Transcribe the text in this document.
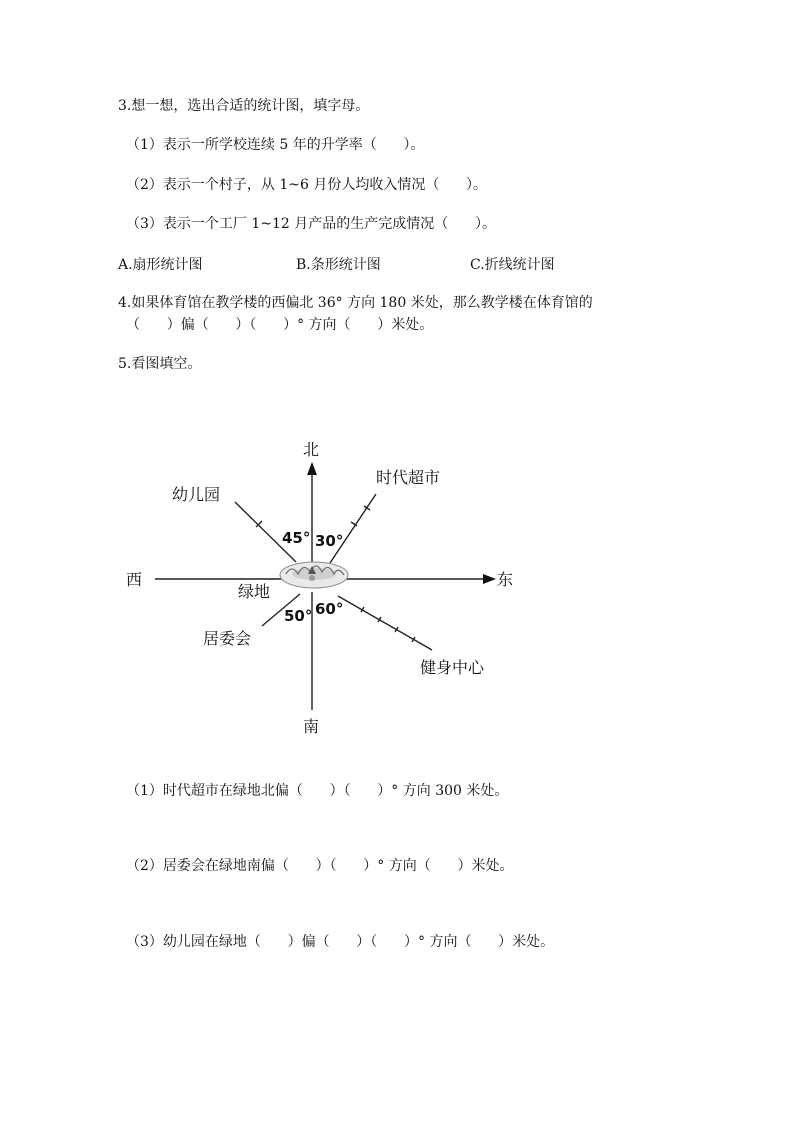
3.想一想，选出合适的统计图，填字母。
（1）表示一所学校连续 5 年的升学率（      ）。
（2）表示一个村子，从 1~6 月份人均收入情况（      ）。
（3）表示一个工厂 1~12 月产品的生产完成情况（      ）。
A.扇形统计图	B.条形统计图	C.折线统计图
4.如果体育馆在教学楼的西偏北 36° 方向 180 米处，那么教学楼在体育馆的
（      ）偏（      ）（      ）° 方向（      ）米处。
5.看图填空。
北
南
西	东
绿地
时代超市
幼儿园
居委会
健身中心
45° 30°
50° 60°
（1）时代超市在绿地北偏（      ）（      ）° 方向 300 米处。
（2）居委会在绿地南偏（      ）（      ）° 方向（      ）米处。
（3）幼儿园在绿地（      ）偏（      ）（      ）° 方向（      ）米处。
